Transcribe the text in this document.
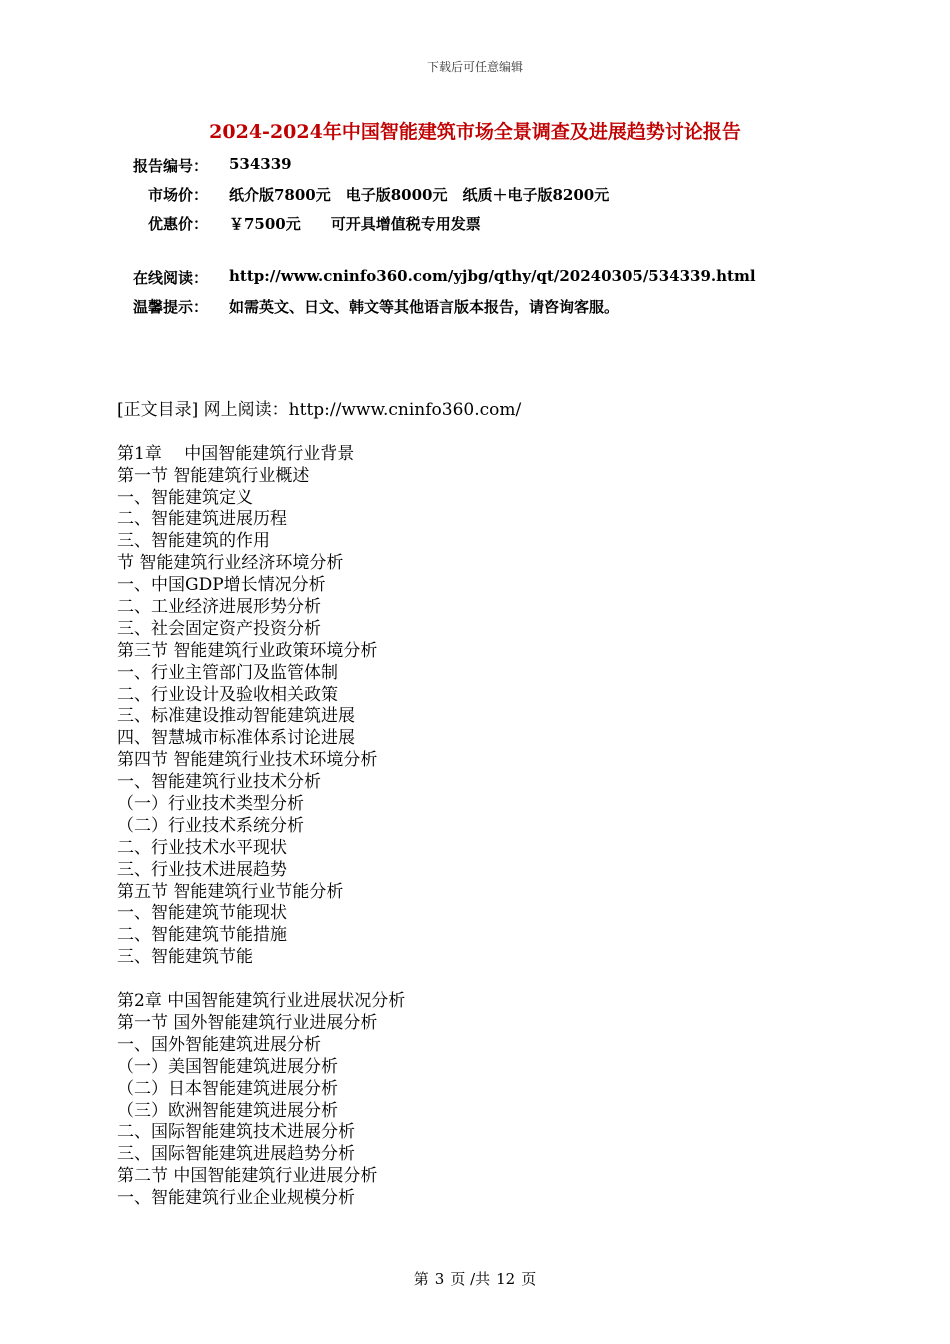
下载后可任意编辑
2024-2024年中国智能建筑市场全景调查及进展趋势讨论报告
报告编号： 534339
市场价： 纸介版7800元　电子版8000元　纸质＋电子版8200元
优惠价： ￥7500元　　可开具增值税专用发票
在线阅读： http://www.cninfo360.com/yjbg/qthy/qt/20240305/534339.html
温馨提示： 如需英文、日文、韩文等其他语言版本报告，请咨询客服。
[正文目录] 网上阅读：http://www.cninfo360.com/
第1章　 中国智能建筑行业背景
第一节 智能建筑行业概述
一、智能建筑定义
二、智能建筑进展历程
三、智能建筑的作用
节 智能建筑行业经济环境分析
一、中国GDP增长情况分析
二、工业经济进展形势分析
三、社会固定资产投资分析
第三节 智能建筑行业政策环境分析
一、行业主管部门及监管体制
二、行业设计及验收相关政策
三、标准建设推动智能建筑进展
四、智慧城市标准体系讨论进展
第四节 智能建筑行业技术环境分析
一、智能建筑行业技术分析
（一）行业技术类型分析
（二）行业技术系统分析
二、行业技术水平现状
三、行业技术进展趋势
第五节 智能建筑行业节能分析
一、智能建筑节能现状
二、智能建筑节能措施
三、智能建筑节能
第2章 中国智能建筑行业进展状况分析
第一节 国外智能建筑行业进展分析
一、国外智能建筑进展分析
（一）美国智能建筑进展分析
（二）日本智能建筑进展分析
（三）欧洲智能建筑进展分析
二、国际智能建筑技术进展分析
三、国际智能建筑进展趋势分析
第二节 中国智能建筑行业进展分析
一、智能建筑行业企业规模分析
第 3 页 /共 12 页
